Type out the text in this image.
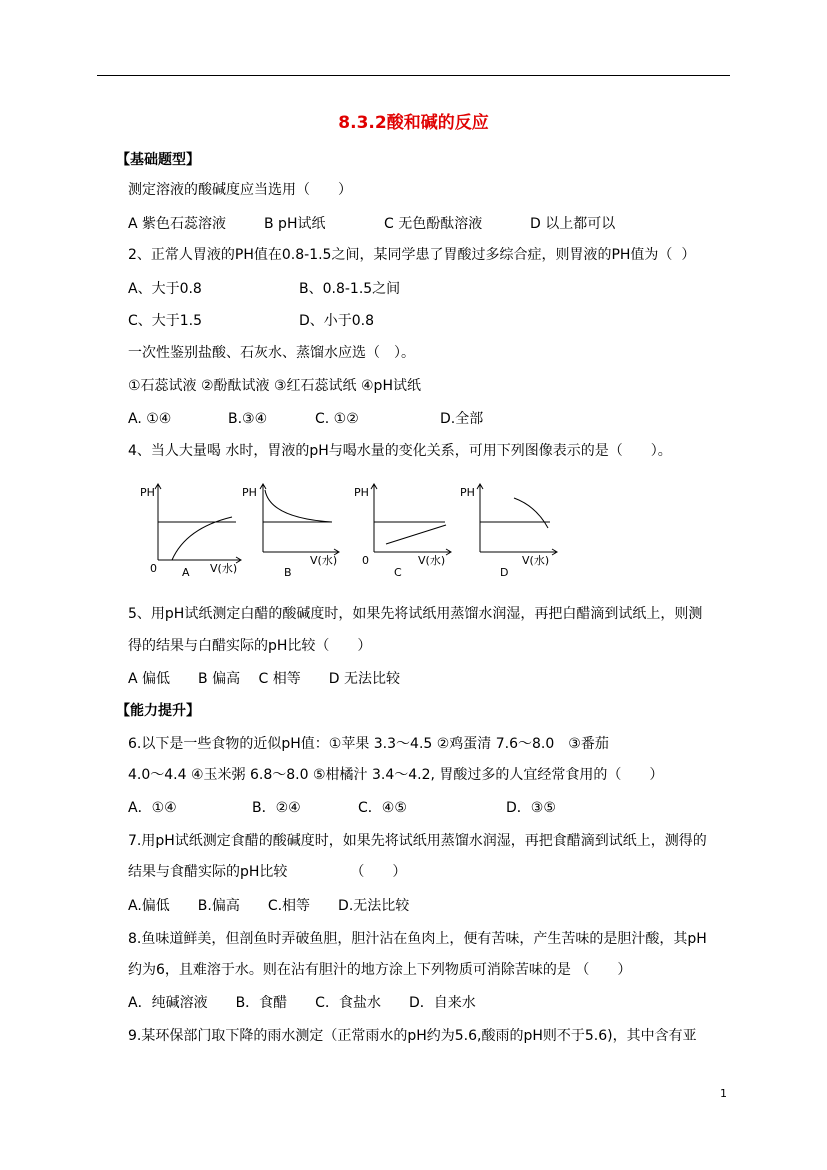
8.3.2酸和碱的反应
【基础题型】
测定溶液的酸碱度应当选用（　　）
A 紫色石蕊溶液	B pH试纸	C 无色酚酞溶液	D 以上都可以
2、正常人胃液的PH值在0.8-1.5之间，某同学患了胃酸过多综合症，则胃液的PH值为（  ）
A、大于0.8	B、0.8-1.5之间
C、大于1.5	D、小于0.8
一次性鉴别盐酸、石灰水、蒸馏水应选（　）。
①石蕊试液 ②酚酞试液 ③红石蕊试纸 ④pH试纸
A. ①④	B.③④	C. ①②	D.全部
4、当人大量喝 水时，胃液的pH与喝水量的变化关系，可用下列图像表示的是（　　）。
PH
0	V(水)
A
PH
V(水)
B
PH
0	V(水)
C
PH
V(水)
D
5、用pH试纸测定白醋的酸碱度时，如果先将试纸用蒸馏水润湿，再把白醋滴到试纸上，则测
得的结果与白醋实际的pH比较（　　）
A 偏低　　B 偏高　 C 相等　　D 无法比较
【能力提升】
6.以下是一些食物的近似pH值：①苹果 3.3～4.5 ②鸡蛋清 7.6～8.0　③番茄
4.0～4.4 ④玉米粥 6.8～8.0 ⑤柑橘汁 3.4～4.2, 胃酸过多的人宜经常食用的（　　）
A．①④	B．②④	C．④⑤	D．③⑤
7.用pH试纸测定食醋的酸碱度时，如果先将试纸用蒸馏水润湿，再把食醋滴到试纸上，测得的
结果与食醋实际的pH比较　　　　　（　　）
A.偏低　　B.偏高　　C.相等　　D.无法比较
8.鱼味道鲜美，但剖鱼时弄破鱼胆，胆汁沾在鱼肉上，便有苦味，产生苦味的是胆汁酸，其pH
约为6，且难溶于水。则在沾有胆汁的地方涂上下列物质可消除苦味的是 （　　）
A．纯碱溶液　　B．食醋　　C．食盐水　　D．自来水
9.某环保部门取下降的雨水测定（正常雨水的pH约为5.6,酸雨的pH则不于5.6)，其中含有亚
1
